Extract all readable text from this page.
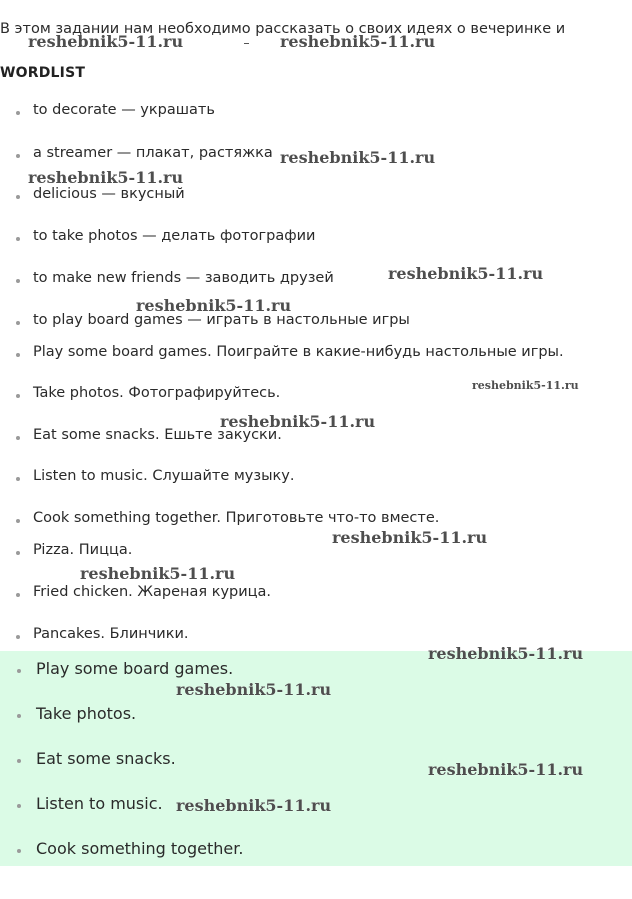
В этом задании нам необходимо рассказать о своих идеях о вечеринке и

WORDLIST
to decorate — украшать
a streamer — плакат, растяжка
delicious — вкусный
to take photos — делать фотографии
to make new friends — заводить друзей
to play board games — играть в настольные игры
Play some board games. Поиграйте в какие-нибудь настольные игры.
Take photos. Фотографируйтесь.
Eat some snacks. Ешьте закуски.
Listen to music. Слушайте музыку.
Cook something together. Приготовьте что-то вместе.
Pizza. Пицца.
Fried chicken. Жареная курица.
Pancakes. Блинчики.
Play some board games.
Take photos.
Eat some snacks.
Listen to music.
Cook something together.
reshebnik5-11.ru	reshebnik5-11.ru
reshebnik5-11.ru
reshebnik5-11.ru
reshebnik5-11.ru
reshebnik5-11.ru
reshebnik5-11.ru
reshebnik5-11.ru
reshebnik5-11.ru
reshebnik5-11.ru
reshebnik5-11.ru
reshebnik5-11.ru
reshebnik5-11.ru
reshebnik5-11.ru
